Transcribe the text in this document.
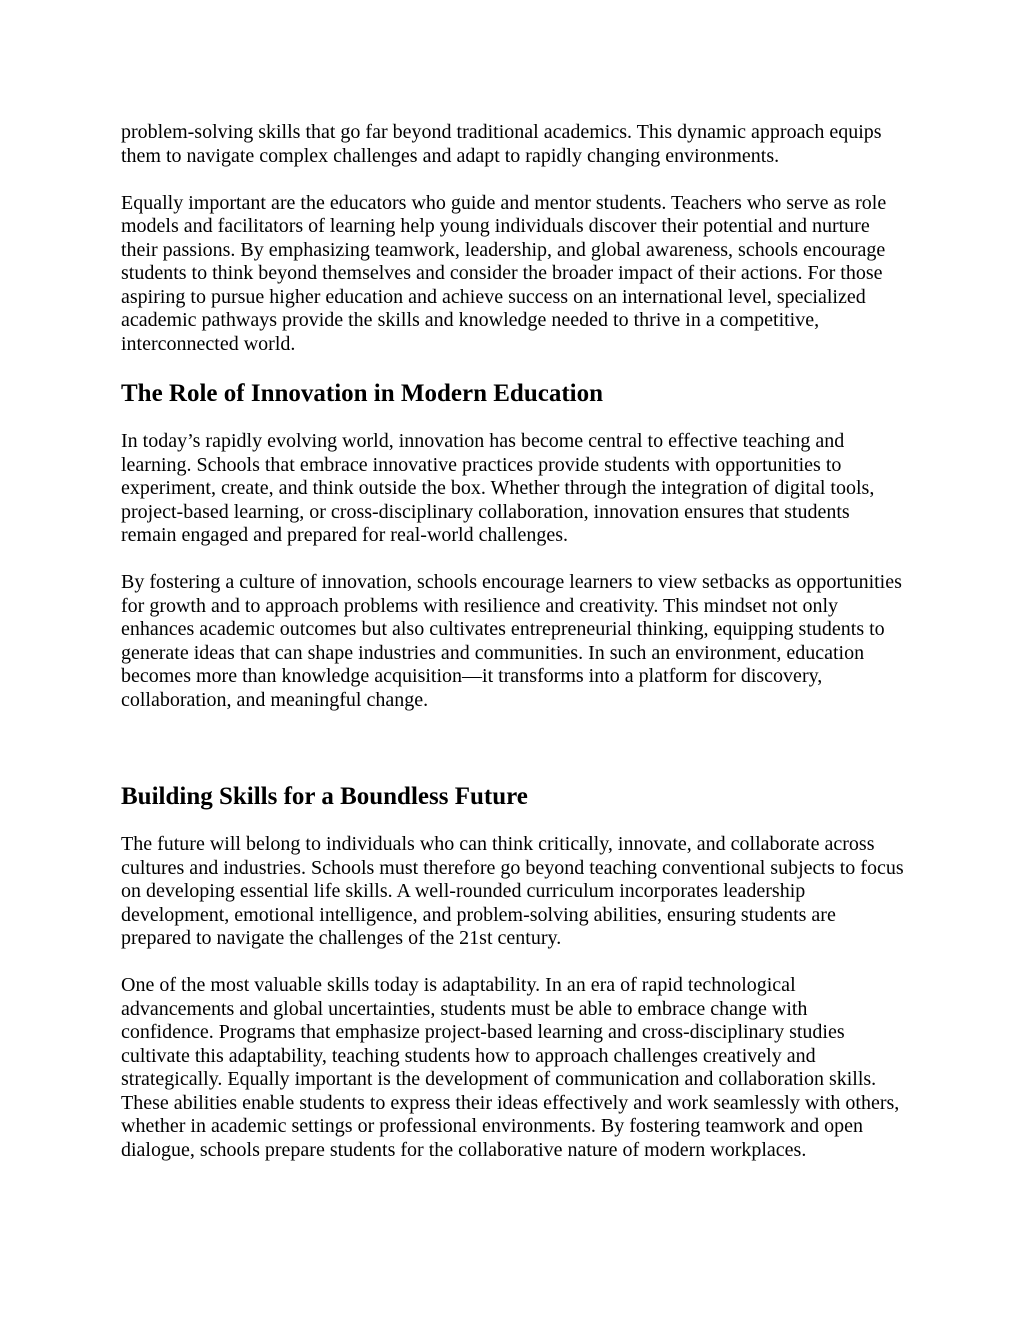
problem-solving skills that go far beyond traditional academics. This dynamic approach equips them to navigate complex challenges and adapt to rapidly changing environments.

Equally important are the educators who guide and mentor students. Teachers who serve as role models and facilitators of learning help young individuals discover their potential and nurture their passions. By emphasizing teamwork, leadership, and global awareness, schools encourage students to think beyond themselves and consider the broader impact of their actions. For those aspiring to pursue higher education and achieve success on an international level, specialized academic pathways provide the skills and knowledge needed to thrive in a competitive, interconnected world.

The Role of Innovation in Modern Education

In today’s rapidly evolving world, innovation has become central to effective teaching and learning. Schools that embrace innovative practices provide students with opportunities to experiment, create, and think outside the box. Whether through the integration of digital tools, project-based learning, or cross-disciplinary collaboration, innovation ensures that students remain engaged and prepared for real-world challenges.

By fostering a culture of innovation, schools encourage learners to view setbacks as opportunities for growth and to approach problems with resilience and creativity. This mindset not only enhances academic outcomes but also cultivates entrepreneurial thinking, equipping students to generate ideas that can shape industries and communities. In such an environment, education becomes more than knowledge acquisition—it transforms into a platform for discovery, collaboration, and meaningful change.

Building Skills for a Boundless Future

The future will belong to individuals who can think critically, innovate, and collaborate across cultures and industries. Schools must therefore go beyond teaching conventional subjects to focus on developing essential life skills. A well-rounded curriculum incorporates leadership development, emotional intelligence, and problem-solving abilities, ensuring students are prepared to navigate the challenges of the 21st century.

One of the most valuable skills today is adaptability. In an era of rapid technological advancements and global uncertainties, students must be able to embrace change with confidence. Programs that emphasize project-based learning and cross-disciplinary studies cultivate this adaptability, teaching students how to approach challenges creatively and strategically. Equally important is the development of communication and collaboration skills. These abilities enable students to express their ideas effectively and work seamlessly with others, whether in academic settings or professional environments. By fostering teamwork and open dialogue, schools prepare students for the collaborative nature of modern workplaces.
